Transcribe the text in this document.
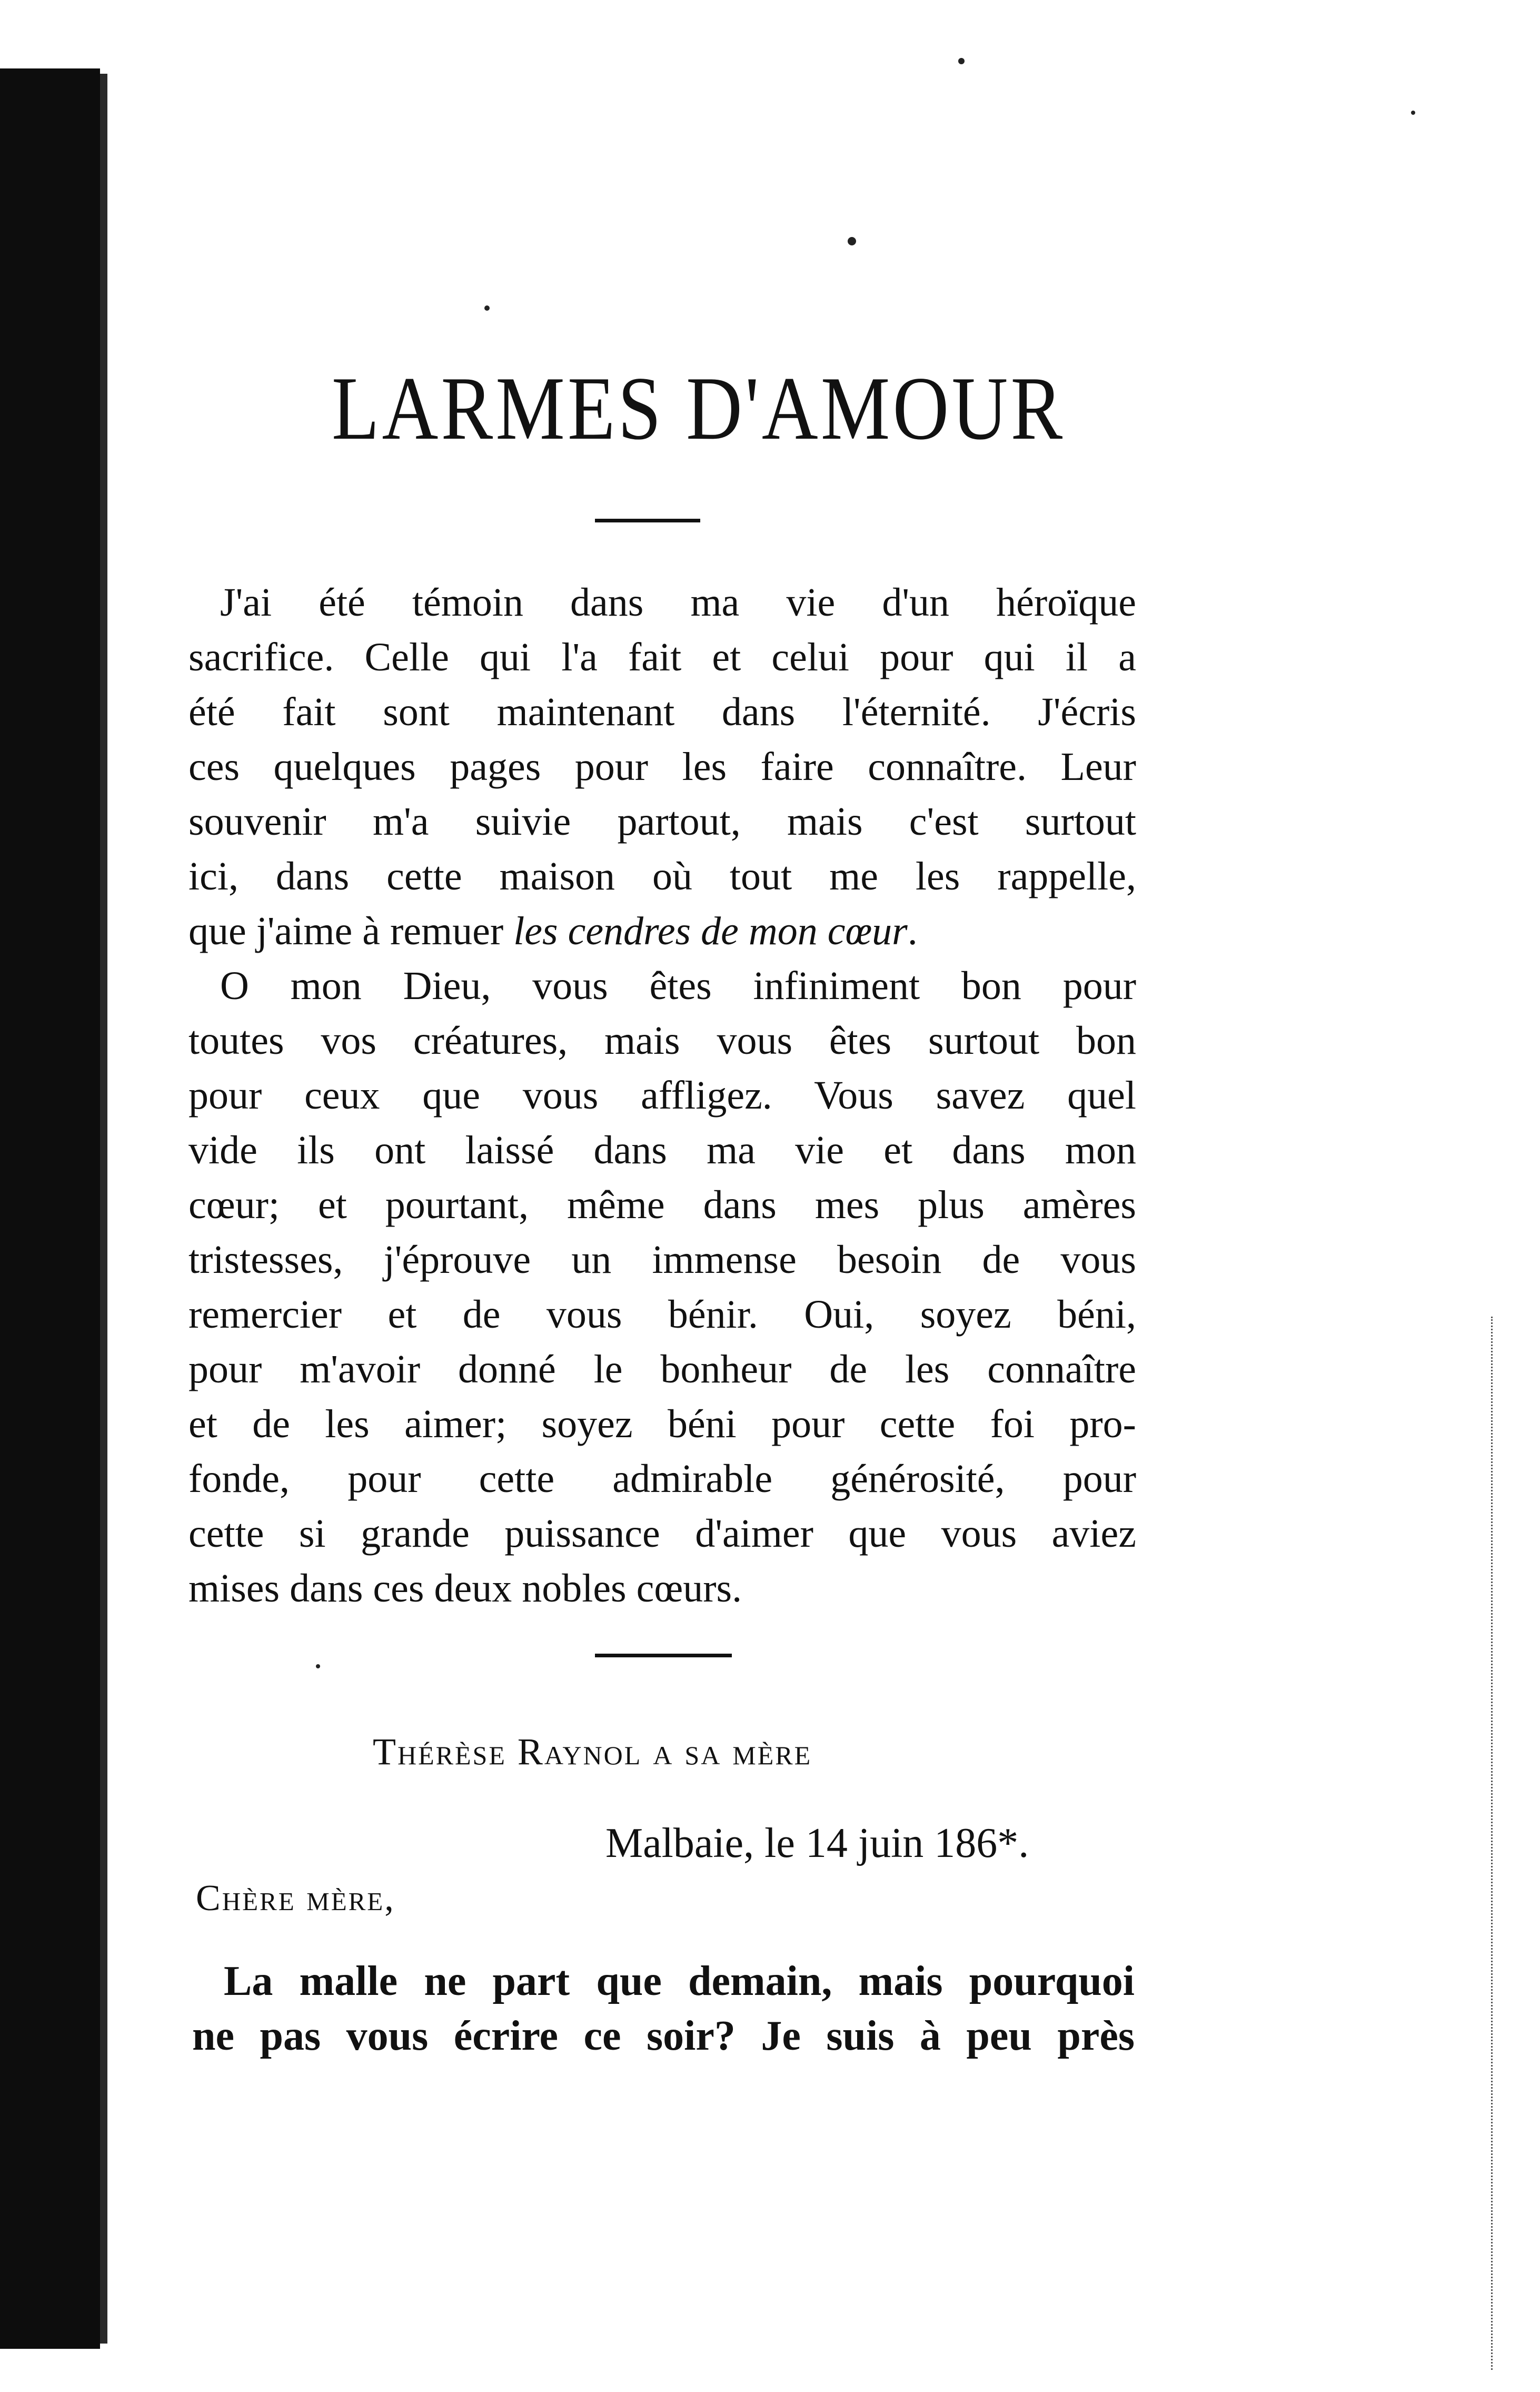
LARMES D'AMOUR
J'ai été témoin dans ma vie d'un héroïque
sacrifice. Celle qui l'a fait et celui pour qui il a
été fait sont maintenant dans l'éternité. J'écris
ces quelques pages pour les faire connaître. Leur
souvenir m'a suivie partout, mais c'est surtout
ici, dans cette maison où tout me les rappelle,
que j'aime à remuer les cendres de mon cœur.
O mon Dieu, vous êtes infiniment bon pour
toutes vos créatures, mais vous êtes surtout bon
pour ceux que vous affligez. Vous savez quel
vide ils ont laissé dans ma vie et dans mon
cœur; et pourtant, même dans mes plus amères
tristesses, j'éprouve un immense besoin de vous
remercier et de vous bénir. Oui, soyez béni,
pour m'avoir donné le bonheur de les connaître
et de les aimer; soyez béni pour cette foi pro-
fonde, pour cette admirable générosité, pour
cette si grande puissance d'aimer que vous aviez
mises dans ces deux nobles cœurs.
Thérèse Raynol a sa mère
Malbaie, le 14 juin 186*.
Chère mère,
La malle ne part que demain, mais pourquoi
ne pas vous écrire ce soir? Je suis à peu près
